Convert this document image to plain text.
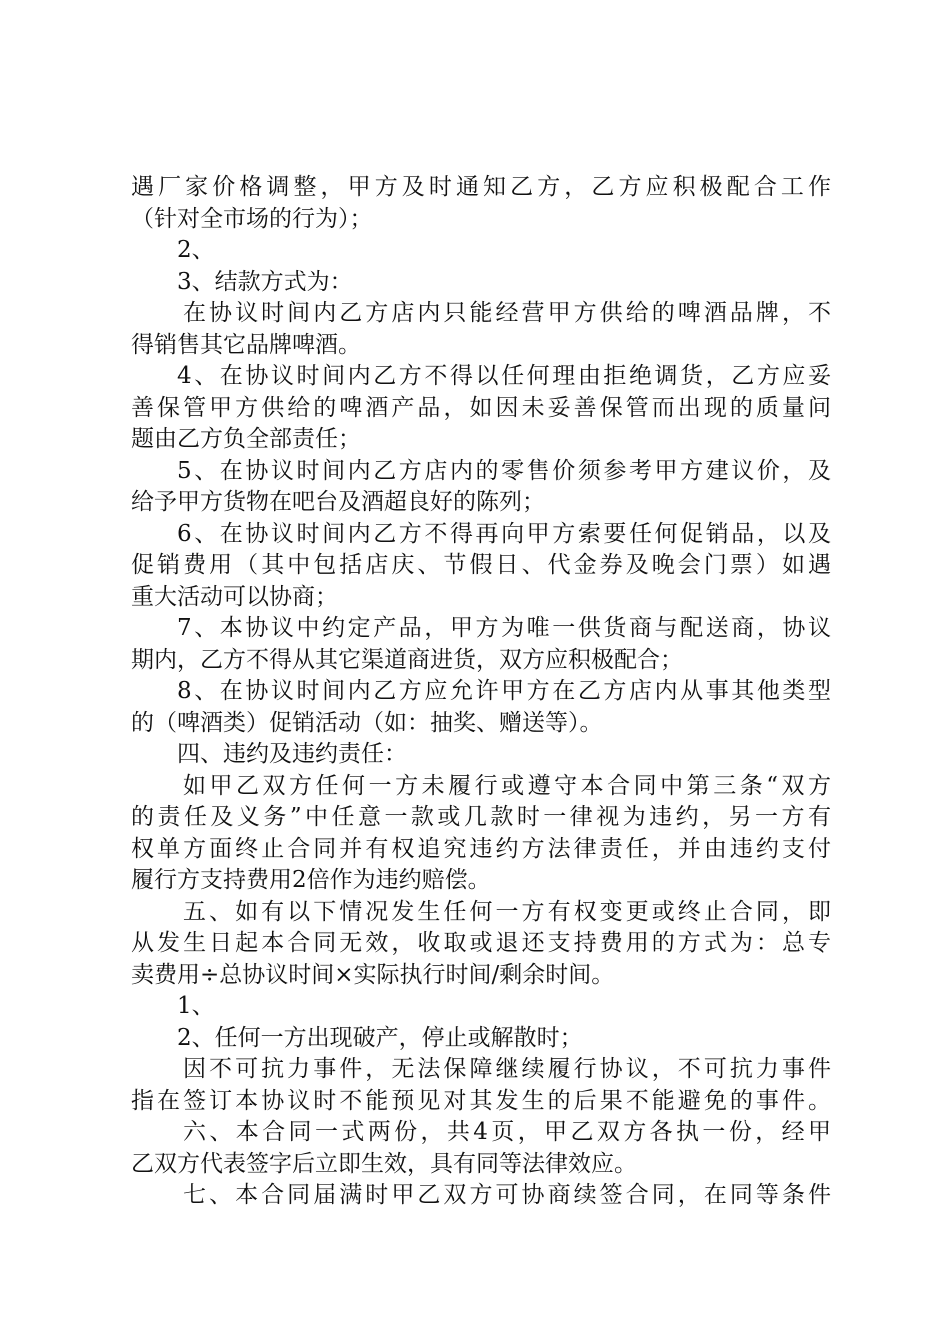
遇厂家价格调整，甲方及时通知乙方，乙方应积极配合工作
（针对全市场的行为）；
2、
3、结款方式为：
在协议时间内乙方店内只能经营甲方供给的啤酒品牌，不
得销售其它品牌啤酒。
4、在协议时间内乙方不得以任何理由拒绝调货，乙方应妥
善保管甲方供给的啤酒产品，如因未妥善保管而出现的质量问
题由乙方负全部责任；
5、在协议时间内乙方店内的零售价须参考甲方建议价，及
给予甲方货物在吧台及酒超良好的陈列；
6、在协议时间内乙方不得再向甲方索要任何促销品，以及
促销费用（其中包括店庆、节假日、代金券及晚会门票）如遇
重大活动可以协商；
7、本协议中约定产品，甲方为唯一供货商与配送商，协议
期内，乙方不得从其它渠道商进货，双方应积极配合；
8、在协议时间内乙方应允许甲方在乙方店内从事其他类型
的（啤酒类）促销活动（如：抽奖、赠送等）。
四、违约及违约责任：
如甲乙双方任何一方未履行或遵守本合同中第三条“双方
的责任及义务”中任意一款或几款时一律视为违约，另一方有
权单方面终止合同并有权追究违约方法律责任，并由违约支付
履行方支持费用2倍作为违约赔偿。
五、如有以下情况发生任何一方有权变更或终止合同，即
从发生日起本合同无效，收取或退还支持费用的方式为：总专
卖费用÷总协议时间×实际执行时间/剩余时间。
1、
2、任何一方出现破产，停止或解散时；
因不可抗力事件，无法保障继续履行协议，不可抗力事件
指在签订本协议时不能预见对其发生的后果不能避免的事件。
六、本合同一式两份，共4页，甲乙双方各执一份，经甲
乙双方代表签字后立即生效，具有同等法律效应。
七、本合同届满时甲乙双方可协商续签合同，在同等条件
